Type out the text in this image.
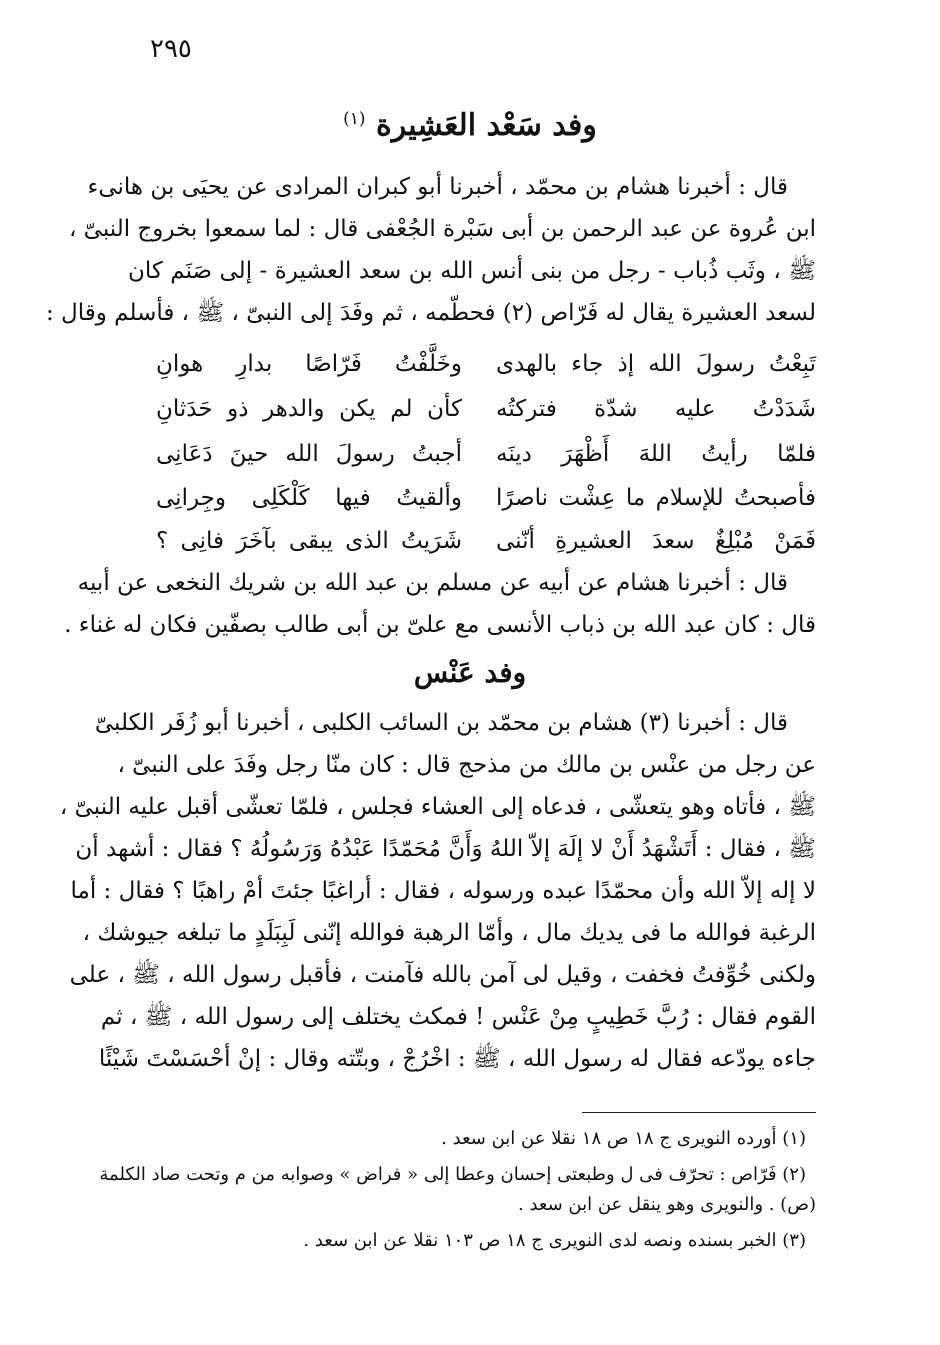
٢٩٥
وفد سَعْد العَشِيرة $^{(١)}$
قال : أخبرنا هشام بن محمّد ، أخبرنا أبو كبران المرادى عن يحيَى بن هانىء
ابن عُروة عن عبد الرحمن بن أبى سَبْرة الجُعْفى قال : لما سمعوا بخروج النبىّ ،
ﷺ ، وثَب ذُباب - رجل من بنى أنس الله بن سعد العشيرة - إلى صَنَم كان
لسعد العشيرة يقال له فَرّاص (٢) فحطّمه ، ثم وفَدَ إلى النبىّ ، ﷺ ، فأسلم وقال :
تَبِعْتُ رسولَ الله إذ جاء بالهدى
وخَلَّفْتُ فَرّاصًا بدارِ هوانِ
شَدَدْتُ عليه شدّة فتركتُه
كأن لم يكن والدهر ذو حَدَثانِ
فلمّا رأيتُ اللهَ أَظْهَرَ دينَه
أجبتُ رسولَ الله حينَ دَعَانِى
فأصبحتُ للإسلام ما عِشْت ناصرًا
وألقيتُ فيها كَلْكَلِى وجِرانِى
فَمَنْ مُبْلِغٌ سعدَ العشيرةِ أنّنى
شَرَيتُ الذى يبقى بآخَرَ فانِى ؟
قال : أخبرنا هشام عن أبيه عن مسلم بن عبد الله بن شريك النخعى عن أبيه
قال : كان عبد الله بن ذباب الأنسى مع علىّ بن أبى طالب بصفّين فكان له غناء .
وفد عَنْس
قال : أخبرنا (٣) هشام بن محمّد بن السائب الكلبى ، أخبرنا أبو زُفَر الكلبىّ
عن رجل من عنْس بن مالك من مذحج قال : كان منّا رجل وفَدَ على النبىّ ،
ﷺ ، فأتاه وهو يتعشّى ، فدعاه إلى العشاء فجلس ، فلمّا تعشّى أقبل عليه النبىّ ،
ﷺ ، فقال : أَتَشْهَدُ أَنْ لا إلَهَ إلاّ اللهُ وَأَنَّ مُحَمّدًا عَبْدُهُ وَرَسُولُهُ ؟ فقال : أشهد أن
لا إله إلاّ الله وأن محمّدًا عبده ورسوله ، فقال : أراغبًا جئتَ أمْ راهبًا ؟ فقال : أما
الرغبة فوالله ما فى يديك مال ، وأمّا الرهبة فوالله إنّنى لَبِبَلَدٍ ما تبلغه جيوشك ،
ولكنى خُوِّفتُ فخفت ، وقيل لى آمن بالله فآمنت ، فأقبل رسول الله ، ﷺ ، على
القوم فقال : رُبَّ خَطِيبٍ مِنْ عَنْس ! فمكث يختلف إلى رسول الله ، ﷺ ، ثم
جاءه يودّعه فقال له رسول الله ، ﷺ : اخْرُجْ ، وبتّته وقال : إنْ أحْسَسْتَ شَيْئًا
(١) أورده النويرى ج ١٨ ص ١٨ نقلا عن ابن سعد .
(٢) فَرّاص : تحرّف فى ل وطبعتى إحسان وعطا إلى « فراض » وصوابه من م وتحت صاد الكلمة
(ص) . والنويرى وهو ينقل عن ابن سعد .
(٣) الخبر بسنده ونصه لدى النويرى ج ١٨ ص ١٠٣ نقلا عن ابن سعد .
